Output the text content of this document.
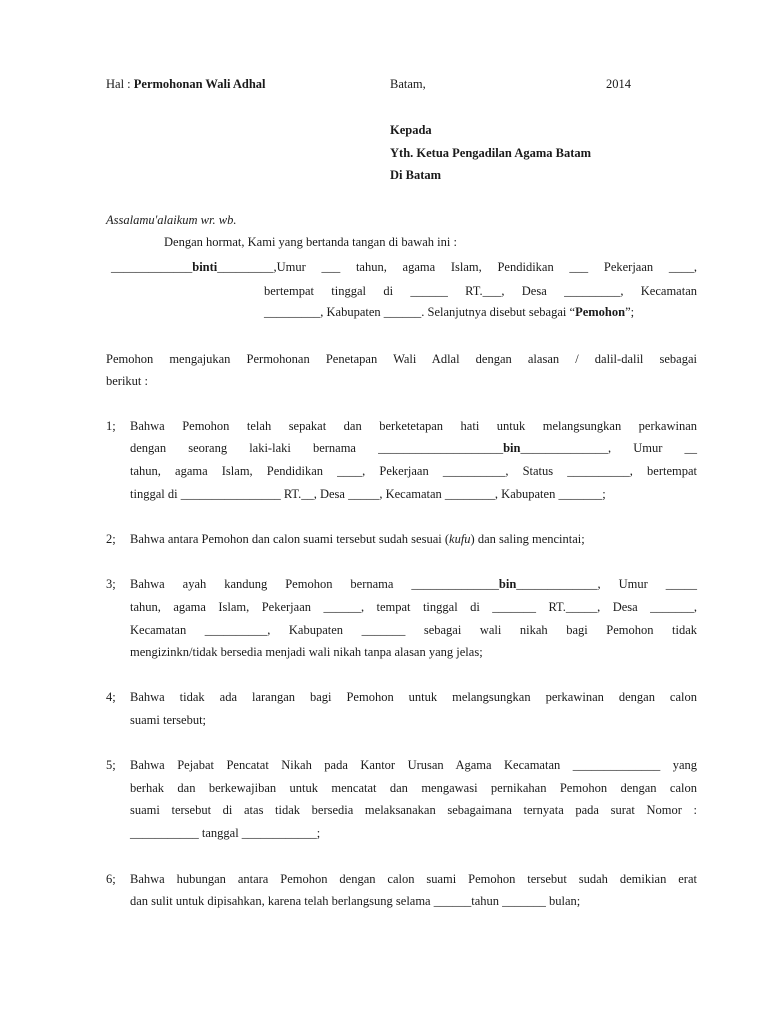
Hal : Permohonan Wali Adhal	Batam,	2014
Kepada
Yth. Ketua Pengadilan Agama Batam
Di Batam
Assalamu'alaikum wr. wb.
Dengan hormat, Kami yang bertanda tangan di bawah ini :
_____________binti_________,Umur ___ tahun, agama Islam, Pendidikan ___ Pekerjaan ____,
bertempat tinggal di ______ RT.___, Desa _________, Kecamatan
_________, Kabupaten ______. Selanjutnya disebut sebagai “Pemohon”;
Pemohon mengajukan Permohonan Penetapan Wali Adlal dengan alasan / dalil-dalil sebagai
berikut :
1; Bahwa Pemohon telah sepakat dan berketetapan hati untuk melangsungkan perkawinan
dengan seorang laki-laki bernama ____________________bin______________, Umur __
tahun, agama Islam, Pendidikan ____, Pekerjaan __________, Status __________, bertempat
tinggal di ________________ RT.__, Desa _____, Kecamatan ________, Kabupaten _______;
2; Bahwa antara Pemohon dan calon suami tersebut sudah sesuai (kufu) dan saling mencintai;
3; Bahwa ayah kandung Pemohon bernama ______________bin_____________, Umur _____
tahun, agama Islam, Pekerjaan ______, tempat tinggal di _______ RT._____, Desa _______,
Kecamatan __________, Kabupaten _______ sebagai wali nikah bagi Pemohon tidak
mengizinkn/tidak bersedia menjadi wali nikah tanpa alasan yang jelas;
4; Bahwa tidak ada larangan bagi Pemohon untuk melangsungkan perkawinan dengan calon
suami tersebut;
5; Bahwa Pejabat Pencatat Nikah pada Kantor Urusan Agama Kecamatan ______________ yang
berhak dan berkewajiban untuk mencatat dan mengawasi pernikahan Pemohon dengan calon
suami tersebut di atas tidak bersedia melaksanakan sebagaimana ternyata pada surat Nomor :
___________ tanggal ____________;
6; Bahwa hubungan antara Pemohon dengan calon suami Pemohon tersebut sudah demikian erat
dan sulit untuk dipisahkan, karena telah berlangsung selama ______tahun _______ bulan;
